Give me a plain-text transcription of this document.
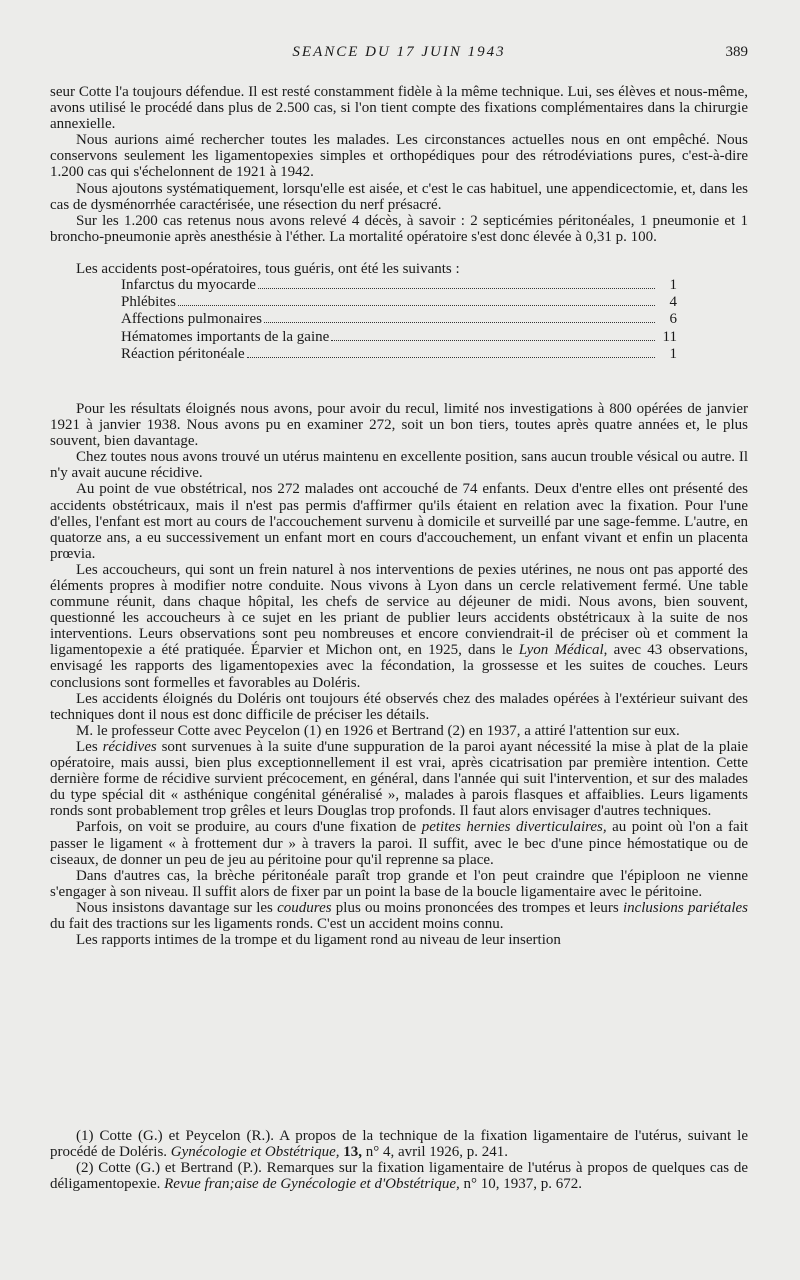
SEANCE DU 17 JUIN 1943	389

seur Cotte l'a toujours défendue. Il est resté constamment fidèle à la même technique. Lui, ses élèves et nous-même, avons utilisé le procédé dans plus de 2.500 cas, si l'on tient compte des fixations complémentaires dans la chirurgie annexielle.

Nous aurions aimé rechercher toutes les malades. Les circonstances actuelles nous en ont empêché. Nous conservons seulement les ligamentopexies simples et orthopédiques pour des rétrodéviations pures, c'est-à-dire 1.200 cas qui s'échelonnent de 1921 à 1942.

Nous ajoutons systématiquement, lorsqu'elle est aisée, et c'est le cas habituel, une appendicectomie, et, dans les cas de dysménorrhée caractérisée, une résection du nerf présacré.

Sur les 1.200 cas retenus nous avons relevé 4 décès, à savoir : 2 septicémies péritonéales, 1 pneumonie et 1 broncho-pneumonie après anesthésie à l'éther. La mortalité opératoire s'est donc élevée à 0,31 p. 100.

Les accidents post-opératoires, tous guéris, ont été les suivants :

Infarctus du myocarde	1
Phlébites	4
Affections pulmonaires	6
Hématomes importants de la gaine	11
Réaction péritonéale	1

Pour les résultats éloignés nous avons, pour avoir du recul, limité nos investigations à 800 opérées de janvier 1921 à janvier 1938. Nous avons pu en examiner 272, soit un bon tiers, toutes après quatre années et, le plus souvent, bien davantage.

Chez toutes nous avons trouvé un utérus maintenu en excellente position, sans aucun trouble vésical ou autre. Il n'y avait aucune récidive.

Au point de vue obstétrical, nos 272 malades ont accouché de 74 enfants. Deux d'entre elles ont présenté des accidents obstétricaux, mais il n'est pas permis d'affirmer qu'ils étaient en relation avec la fixation. Pour l'une d'elles, l'enfant est mort au cours de l'accouchement survenu à domicile et surveillé par une sage-femme. L'autre, en quatorze ans, a eu successivement un enfant mort en cours d'accouchement, un enfant vivant et enfin un placenta prœvia.

Les accoucheurs, qui sont un frein naturel à nos interventions de pexies utérines, ne nous ont pas apporté des éléments propres à modifier notre conduite. Nous vivons à Lyon dans un cercle relativement fermé. Une table commune réunit, dans chaque hôpital, les chefs de service au déjeuner de midi. Nous avons, bien souvent, questionné les accoucheurs à ce sujet en les priant de publier leurs accidents obstétricaux à la suite de nos interventions. Leurs observations sont peu nombreuses et encore conviendrait-il de préciser où et comment la ligamentopexie a été pratiquée. Éparvier et Michon ont, en 1925, dans le Lyon Médical, avec 43 observations, envisagé les rapports des ligamentopexies avec la fécondation, la grossesse et les suites de couches. Leurs conclusions sont formelles et favorables au Doléris.

Les accidents éloignés du Doléris ont toujours été observés chez des malades opérées à l'extérieur suivant des techniques dont il nous est donc difficile de préciser les détails.

M. le professeur Cotte avec Peycelon (1) en 1926 et Bertrand (2) en 1937, a attiré l'attention sur eux.

Les récidives sont survenues à la suite d'une suppuration de la paroi ayant nécessité la mise à plat de la plaie opératoire, mais aussi, bien plus exceptionnellement il est vrai, après cicatrisation par première intention. Cette dernière forme de récidive survient précocement, en général, dans l'année qui suit l'intervention, et sur des malades du type spécial dit « asthénique congénital généralisé », malades à parois flasques et affaiblies. Leurs ligaments ronds sont probablement trop grêles et leurs Douglas trop profonds. Il faut alors envisager d'autres techniques.

Parfois, on voit se produire, au cours d'une fixation de petites hernies diverticulaires, au point où l'on a fait passer le ligament « à frottement dur » à travers la paroi. Il suffit, avec le bec d'une pince hémostatique ou de ciseaux, de donner un peu de jeu au péritoine pour qu'il reprenne sa place.

Dans d'autres cas, la brèche péritonéale paraît trop grande et l'on peut craindre que l'épiploon ne vienne s'engager à son niveau. Il suffit alors de fixer par un point la base de la boucle ligamentaire avec le péritoine.

Nous insistons davantage sur les coudures plus ou moins prononcées des trompes et leurs inclusions pariétales du fait des tractions sur les ligaments ronds. C'est un accident moins connu.

Les rapports intimes de la trompe et du ligament rond au niveau de leur insertion

(1) Cotte (G.) et Peycelon (R.). A propos de la technique de la fixation ligamentaire de l'utérus, suivant le procédé de Doléris. Gynécologie et Obstétrique, 13, n° 4, avril 1926, p. 241.

(2) Cotte (G.) et Bertrand (P.). Remarques sur la fixation ligamentaire de l'utérus à propos de quelques cas de déligamentopexie. Revue fran;aise de Gynécologie et d'Obstétrique, n° 10, 1937, p. 672.
